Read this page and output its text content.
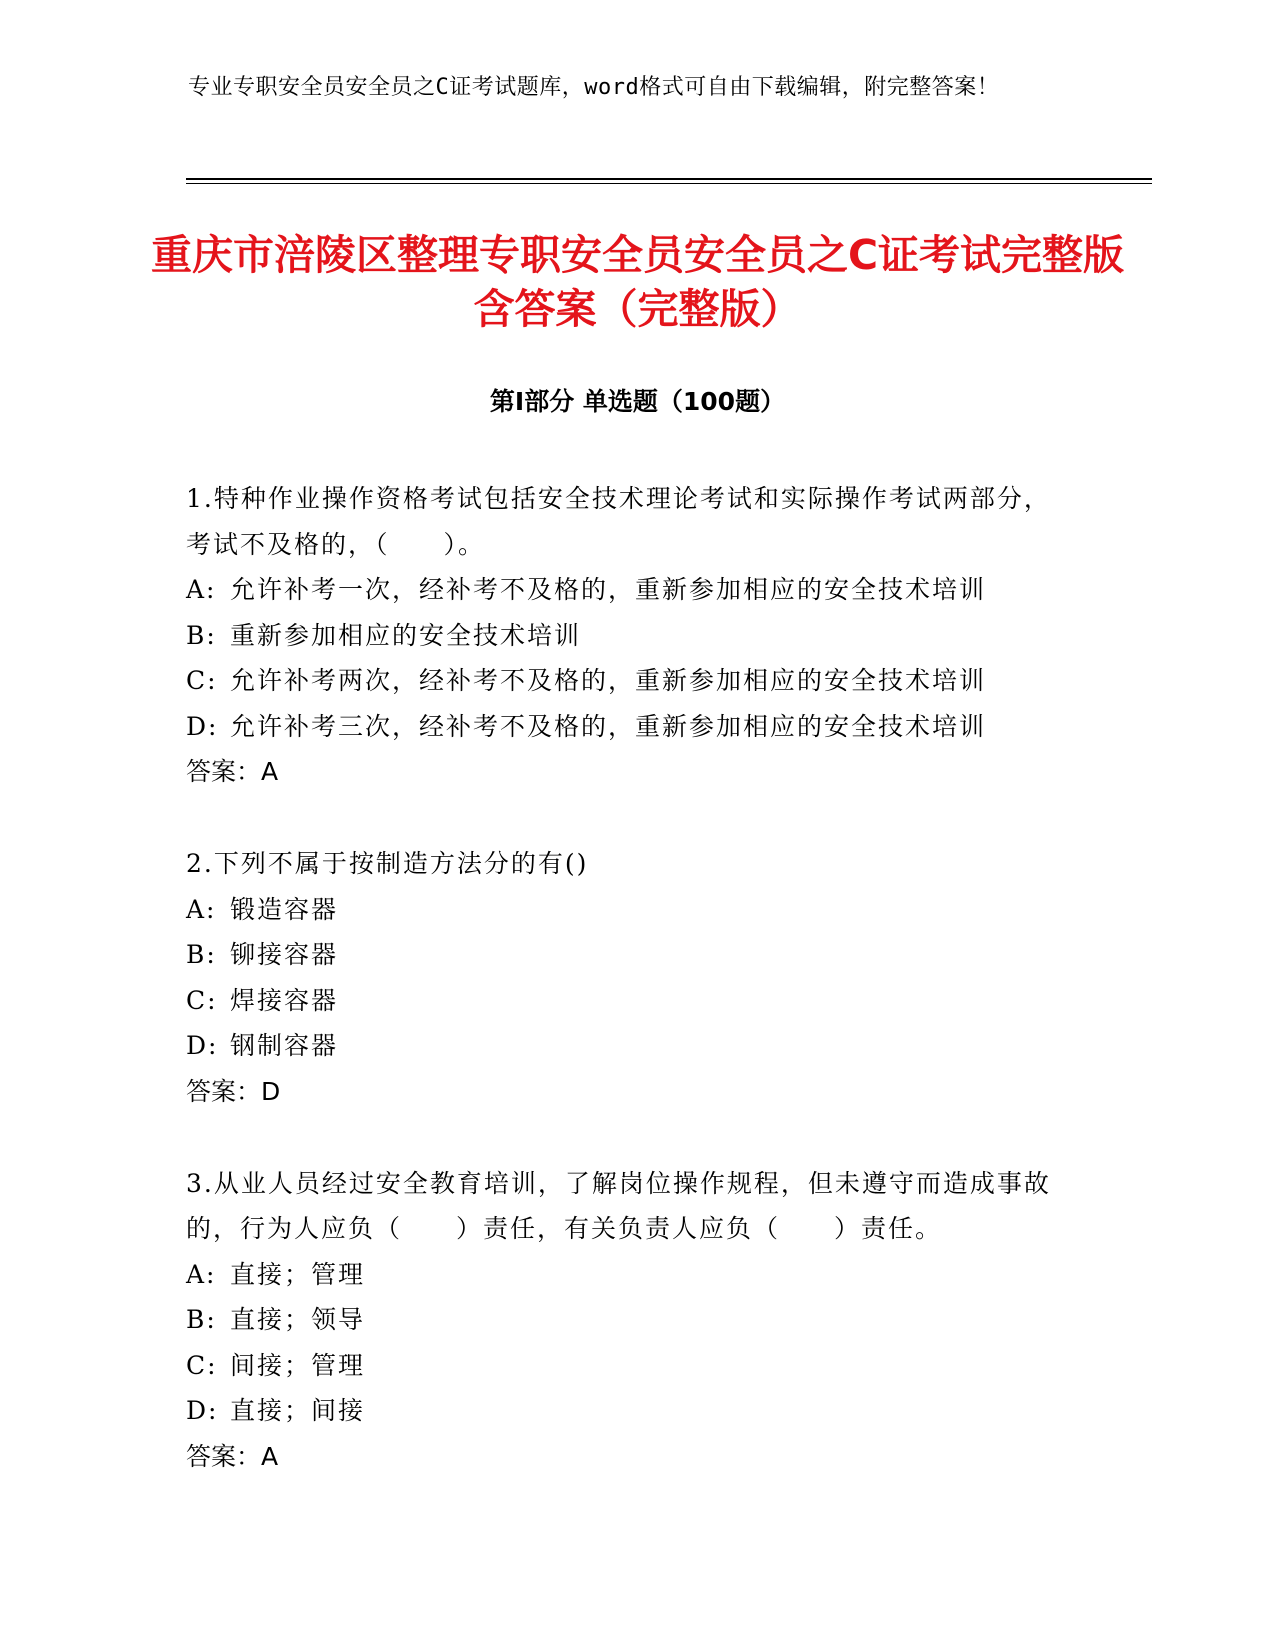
专业专职安全员安全员之C证考试题库，word格式可自由下载编辑，附完整答案！
重庆市涪陵区整理专职安全员安全员之C证考试完整版含答案（完整版）
第Ⅰ部分 单选题（100题）
1.特种作业操作资格考试包括安全技术理论考试和实际操作考试两部分，考试不及格的，（　　）。
A: 允许补考一次，经补考不及格的，重新参加相应的安全技术培训
B: 重新参加相应的安全技术培训
C: 允许补考两次，经补考不及格的，重新参加相应的安全技术培训
D: 允许补考三次，经补考不及格的，重新参加相应的安全技术培训
答案：A
2.下列不属于按制造方法分的有()
A: 锻造容器
B: 铆接容器
C: 焊接容器
D: 钢制容器
答案：D
3.从业人员经过安全教育培训，了解岗位操作规程，但未遵守而造成事故的，行为人应负（　　）责任，有关负责人应负（　　）责任。
A: 直接；管理
B: 直接；领导
C: 间接；管理
D: 直接；间接
答案：A
